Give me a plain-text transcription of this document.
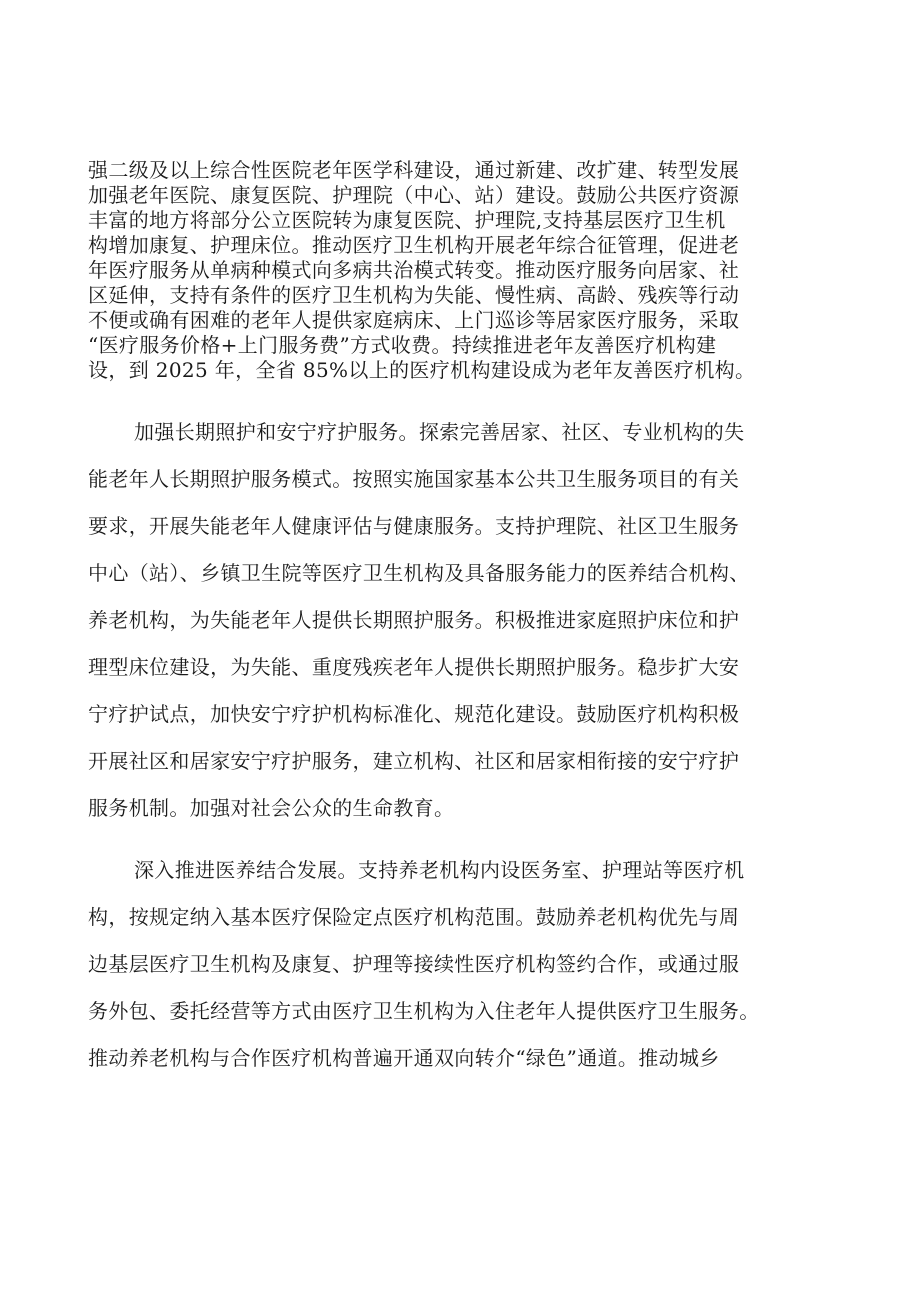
强二级及以上综合性医院老年医学科建设，通过新建、改扩建、转型发展
加强老年医院、康复医院、护理院（中心、站）建设。鼓励公共医疗资源
丰富的地方将部分公立医院转为康复医院、护理院,支持基层医疗卫生机
构增加康复、护理床位。推动医疗卫生机构开展老年综合征管理，促进老
年医疗服务从单病种模式向多病共治模式转变。推动医疗服务向居家、社
区延伸，支持有条件的医疗卫生机构为失能、慢性病、高龄、残疾等行动
不便或确有困难的老年人提供家庭病床、上门巡诊等居家医疗服务，采取
“医疗服务价格+上门服务费”方式收费。持续推进老年友善医疗机构建
设，到 2025 年，全省 85%以上的医疗机构建设成为老年友善医疗机构。
加强长期照护和安宁疗护服务。探索完善居家、社区、专业机构的失
能老年人长期照护服务模式。按照实施国家基本公共卫生服务项目的有关
要求，开展失能老年人健康评估与健康服务。支持护理院、社区卫生服务
中心（站）、乡镇卫生院等医疗卫生机构及具备服务能力的医养结合机构、
养老机构，为失能老年人提供长期照护服务。积极推进家庭照护床位和护
理型床位建设，为失能、重度残疾老年人提供长期照护服务。稳步扩大安
宁疗护试点，加快安宁疗护机构标准化、规范化建设。鼓励医疗机构积极
开展社区和居家安宁疗护服务，建立机构、社区和居家相衔接的安宁疗护
服务机制。加强对社会公众的生命教育。
深入推进医养结合发展。支持养老机构内设医务室、护理站等医疗机
构，按规定纳入基本医疗保险定点医疗机构范围。鼓励养老机构优先与周
边基层医疗卫生机构及康复、护理等接续性医疗机构签约合作，或通过服
务外包、委托经营等方式由医疗卫生机构为入住老年人提供医疗卫生服务。
推动养老机构与合作医疗机构普遍开通双向转介“绿色”通道。推动城乡
